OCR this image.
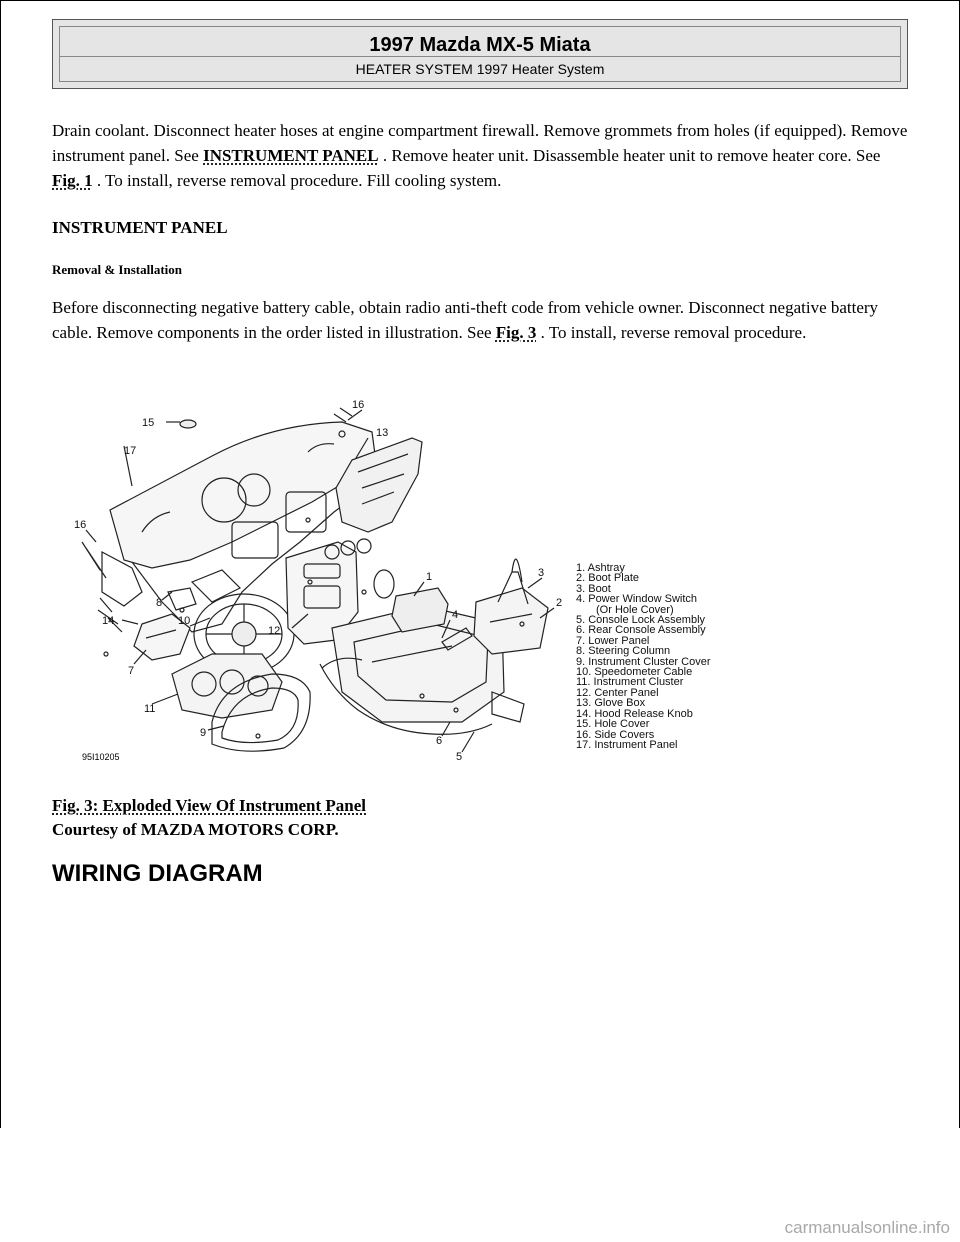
1997 Mazda MX-5 Miata
HEATER SYSTEM 1997 Heater System

Drain coolant. Disconnect heater hoses at engine compartment firewall. Remove grommets from holes (if equipped). Remove instrument panel. See INSTRUMENT PANEL . Remove heater unit. Disassemble heater unit to remove heater core. See Fig. 1 . To install, reverse removal procedure. Fill cooling system.

INSTRUMENT PANEL
Removal & Installation

Before disconnecting negative battery cable, obtain radio anti-theft code from vehicle owner. Disconnect negative battery cable. Remove components in the order listed in illustration. See Fig. 3 . To install, reverse removal procedure.

1
2
3
4
5
6
7
8
9
10
11
12
13
14
15
16
16
17
1. Ashtray
2. Boot Plate
3. Boot
4. Power Window Switch
(Or Hole Cover)
5. Console Lock Assembly
6. Rear Console Assembly
7. Lower Panel
8. Steering Column
9. Instrument Cluster Cover
10. Speedometer Cable
11. Instrument Cluster
12. Center Panel
13. Glove Box
14. Hood Release Knob
15. Hole Cover
16. Side Covers
17. Instrument Panel
95I10205

Fig. 3: Exploded View Of Instrument Panel

Courtesy of MAZDA MOTORS CORP.

WIRING DIAGRAM
carmanualsonline.info
